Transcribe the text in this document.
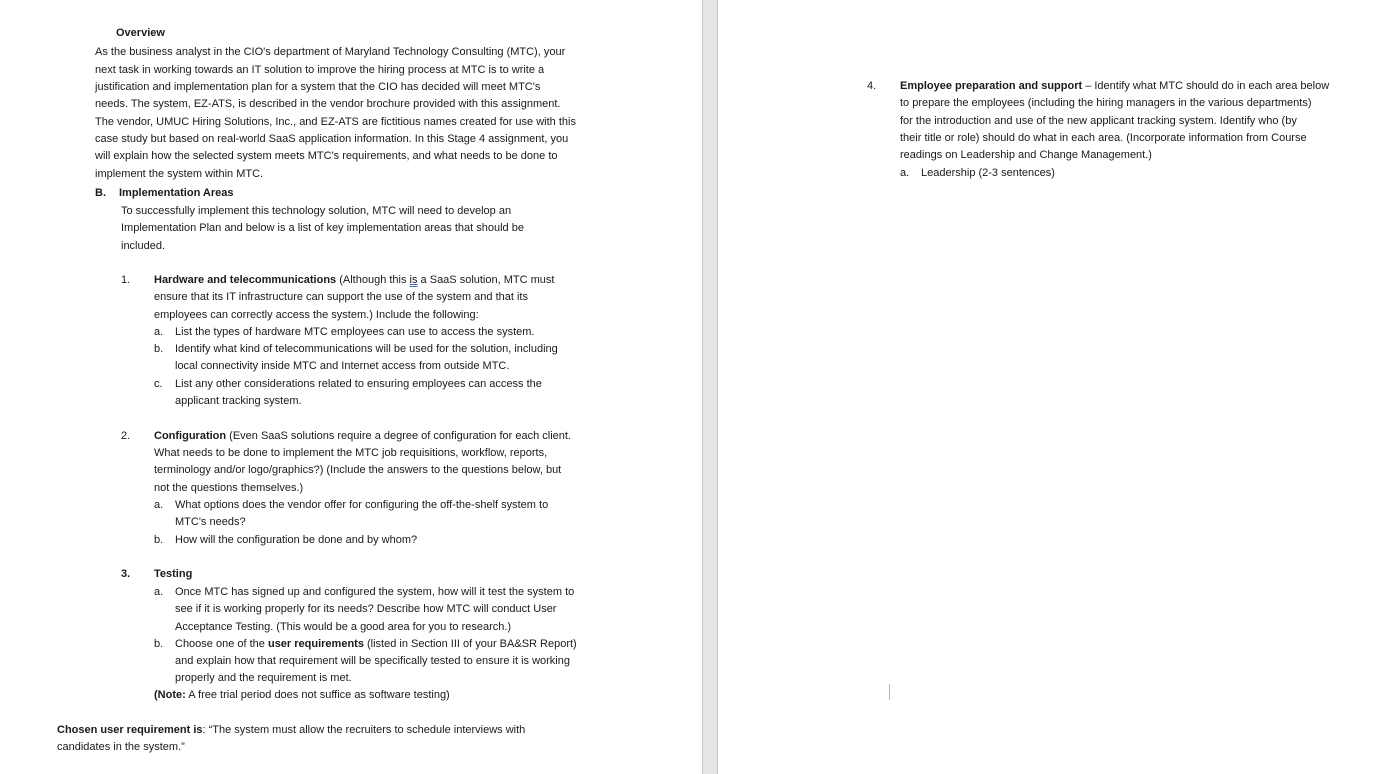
Overview
As the business analyst in the CIO's department of Maryland Technology Consulting (MTC), your
next task in working towards an IT solution to improve the hiring process at MTC is to write a
justification and implementation plan for a system that the CIO has decided will meet MTC's
needs. The system, EZ-ATS, is described in the vendor brochure provided with this assignment.
The vendor, UMUC Hiring Solutions, Inc., and EZ-ATS are fictitious names created for use with this
case study but based on real-world SaaS application information. In this Stage 4 assignment, you
will explain how the selected system meets MTC's requirements, and what needs to be done to
implement the system within MTC.
B. Implementation Areas
To successfully implement this technology solution, MTC will need to develop an
Implementation Plan and below is a list of key implementation areas that should be
included.
1. Hardware and telecommunications (Although this is a SaaS solution, MTC must
ensure that its IT infrastructure can support the use of the system and that its
employees can correctly access the system.) Include the following:
a. List the types of hardware MTC employees can use to access the system.
b. Identify what kind of telecommunications will be used for the solution, including
local connectivity inside MTC and Internet access from outside MTC.
c. List any other considerations related to ensuring employees can access the
applicant tracking system.
2. Configuration (Even SaaS solutions require a degree of configuration for each client.
What needs to be done to implement the MTC job requisitions, workflow, reports,
terminology and/or logo/graphics?) (Include the answers to the questions below, but
not the questions themselves.)
a. What options does the vendor offer for configuring the off-the-shelf system to
MTC's needs?
b. How will the configuration be done and by whom?
3. Testing
a. Once MTC has signed up and configured the system, how will it test the system to
see if it is working properly for its needs? Describe how MTC will conduct User
Acceptance Testing. (This would be a good area for you to research.)
b. Choose one of the user requirements (listed in Section III of your BA&SR Report)
and explain how that requirement will be specifically tested to ensure it is working
properly and the requirement is met.
(Note: A free trial period does not suffice as software testing)
Chosen user requirement is: “The system must allow the recruiters to schedule interviews with
candidates in the system.”
4. Employee preparation and support – Identify what MTC should do in each area below
to prepare the employees (including the hiring managers in the various departments)
for the introduction and use of the new applicant tracking system. Identify who (by
their title or role) should do what in each area. (Incorporate information from Course
readings on Leadership and Change Management.)
a. Leadership (2-3 sentences)
